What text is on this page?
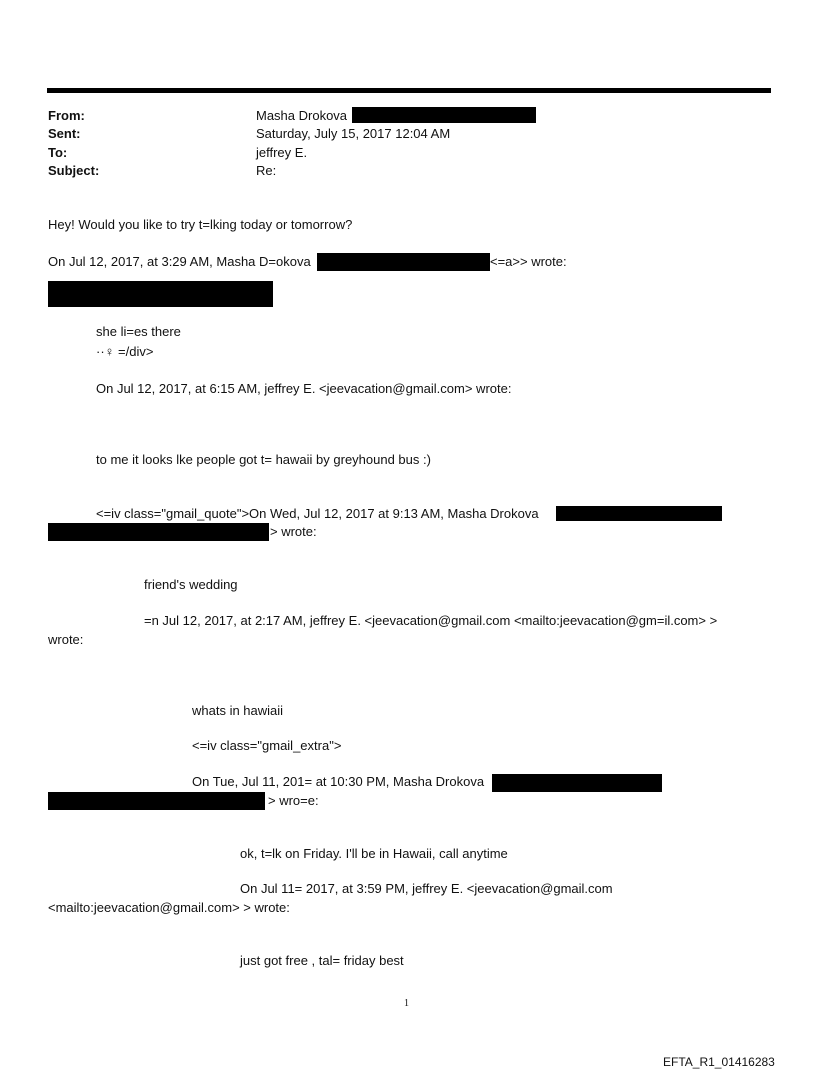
From:	Masha Drokova
Sent:	Saturday, July 15, 2017 12:04 AM
To:	jeffrey E.
Subject:	Re:
Hey! Would you like to try t=lking today or tomorrow?
On Jul 12, 2017, at 3:29 AM, Masha D=okova	<=a>> wrote:
she li=es there
··♀ =/div>
On Jul 12, 2017, at 6:15 AM, jeffrey E. <jeevacation@gmail.com> wrote:
to me it looks lke people got t= hawaii by greyhound bus :)
<=iv class="gmail_quote">On Wed, Jul 12, 2017 at 9:13 AM, Masha Drokova
> wrote:
friend's wedding
=n Jul 12, 2017, at 2:17 AM, jeffrey E. <jeevacation@gmail.com <mailto:jeevacation@gm=il.com> >
wrote:
whats in hawiaii
<=iv class="gmail_extra">
On Tue, Jul 11, 201= at 10:30 PM, Masha Drokova
> wro=e:
ok, t=lk on Friday. I'll be in Hawaii, call anytime
On Jul 11= 2017, at 3:59 PM, jeffrey E. <jeevacation@gmail.com
<mailto:jeevacation@gmail.com> > wrote:
just got free , tal= friday best
1
EFTA_R1_01416283
